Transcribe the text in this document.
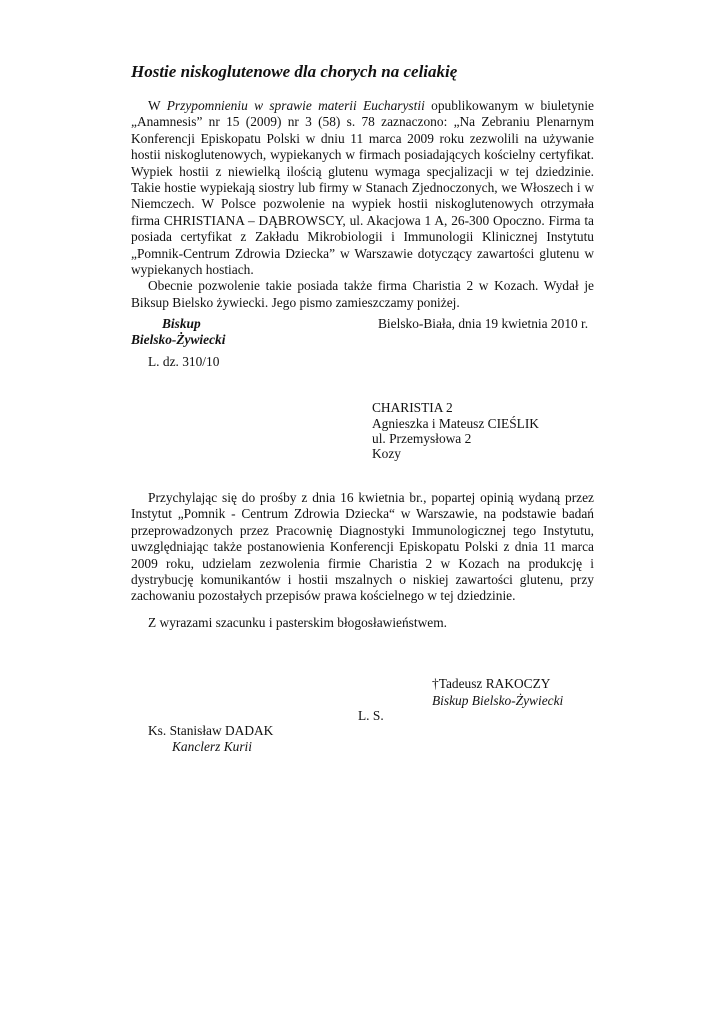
Hostie niskoglutenowe dla chorych na celiakię

W Przypomnieniu w sprawie materii Eucharystii opublikowanym w biuletynie „Anamnesis” nr 15 (2009) nr 3 (58) s. 78 zaznaczono: „Na Zebraniu Plenarnym Konferencji Episkopatu Polski w dniu 11 marca 2009 roku zezwolili na używanie hostii niskoglutenowych, wypiekanych w firmach posiadających kościelny certyfikat. Wypiek hostii z niewielką ilością glutenu wymaga specjalizacji w tej dziedzinie. Takie hostie wypiekają siostry lub firmy w Stanach Zjednoczonych, we Włoszech i w Niemczech. W Polsce pozwolenie na wypiek hostii niskoglutenowych otrzymała firma CHRISTIANA – DĄBROWSCY, ul. Akacjowa 1 A, 26-300 Opoczno. Firma ta posiada certyfikat z Zakładu Mikrobiologii i Immunologii Klinicznej Instytutu „Pomnik-Centrum Zdrowia Dziecka” w Warszawie dotyczący zawartości glutenu w wypiekanych hostiach.

Obecnie pozwolenie takie posiada także firma Charistia 2 w Kozach. Wydał je Biksup Bielsko żywiecki. Jego pismo zamieszczamy poniżej.

Biskup
Bielsko-Żywiecki
L. dz. 310/10
Bielsko-Biała, dnia 19 kwietnia 2010 r.
CHARISTIA 2
Agnieszka i Mateusz CIEŚLIK
ul. Przemysłowa 2
Kozy

Przychylając się do prośby z dnia 16 kwietnia br., popartej opinią wydaną przez Instytut „Pomnik - Centrum Zdrowia Dziecka“ w Warszawie, na podstawie badań przeprowadzonych przez Pracownię Diagnostyki Immunologicznej tego Instytutu, uwzględniając także postanowienia Konferencji Episkopatu Polski z dnia 11 marca 2009 roku, udzielam zezwolenia firmie Charistia 2 w Kozach na produkcję i dystrybucję komunikantów i hostii mszalnych o niskiej zawartości glutenu, przy zachowaniu pozostałych przepisów prawa kościelnego w tej dziedzinie.

Z wyrazami szacunku i pasterskim błogosławieństwem.
†Tadeusz RAKOCZY
Biskup Bielsko-Żywiecki
L. S.
Ks. Stanisław DADAK
Kanclerz Kurii
